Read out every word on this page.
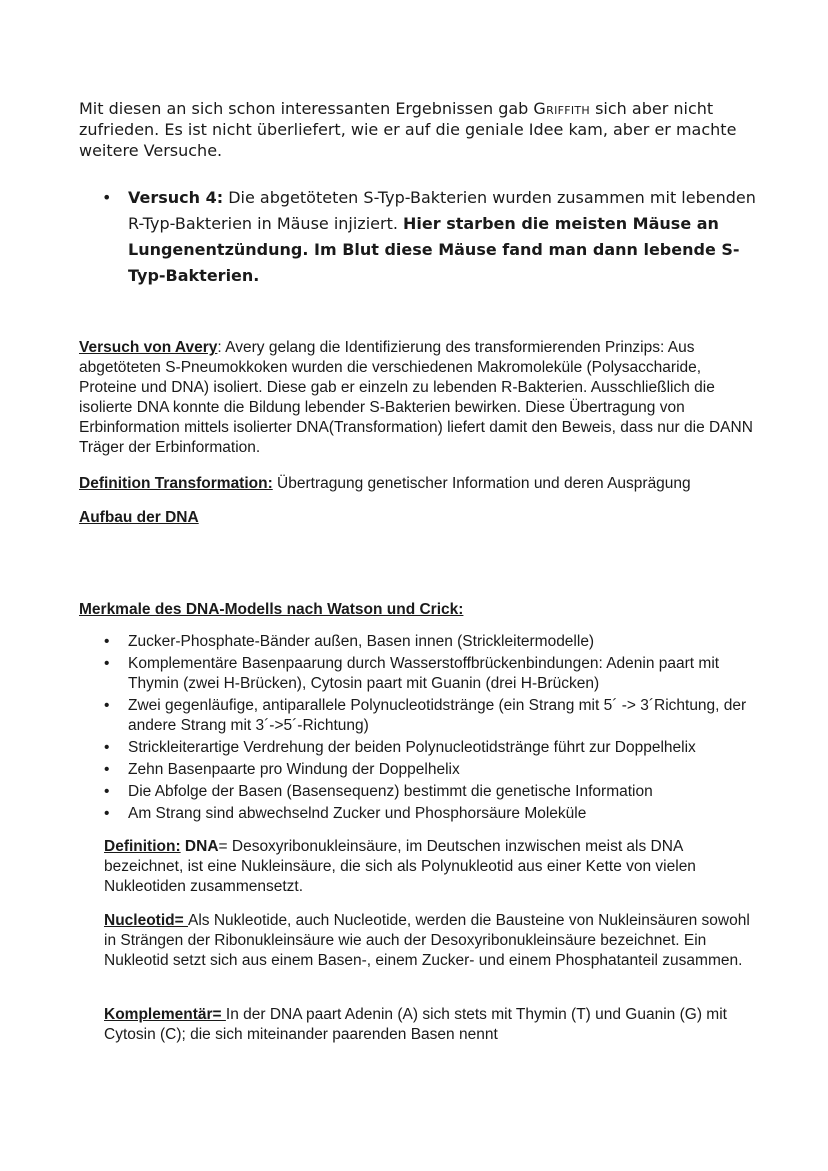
Mit diesen an sich schon interessanten Ergebnissen gab Griffith sich aber nicht zufrieden. Es ist nicht überliefert, wie er auf die geniale Idee kam, aber er machte weitere Versuche.
• Versuch 4: Die abgetöteten S-Typ-Bakterien wurden zusammen mit lebenden R-Typ-Bakterien in Mäuse injiziert. Hier starben die meisten Mäuse an Lungenentzündung. Im Blut diese Mäuse fand man dann lebende S-Typ-Bakterien.
Versuch von Avery: Avery gelang die Identifizierung des transformierenden Prinzips: Aus abgetöteten S-Pneumokkoken wurden die verschiedenen Makromoleküle (Polysaccharide, Proteine und DNA) isoliert. Diese gab er einzeln zu lebenden R-Bakterien. Ausschließlich die isolierte DNA konnte die Bildung lebender S-Bakterien bewirken. Diese Übertragung von Erbinformation mittels isolierter DNA(Transformation) liefert damit den Beweis, dass nur die DANN Träger der Erbinformation.
Definition Transformation: Übertragung genetischer Information und deren Ausprägung
Aufbau der DNA
Merkmale des DNA-Modells nach Watson und Crick:
• Zucker-Phosphate-Bänder außen, Basen innen (Strickleitermodelle)
• Komplementäre Basenpaarung durch Wasserstoffbrückenbindungen: Adenin paart mit Thymin (zwei H-Brücken), Cytosin paart mit Guanin (drei H-Brücken)
• Zwei gegenläufige, antiparallele Polynucleotidstränge (ein Strang mit 5´ -> 3´Richtung, der andere Strang mit 3´->5´-Richtung)
• Strickleiterartige Verdrehung der beiden Polynucleotidstränge führt zur Doppelhelix
• Zehn Basenpaarte pro Windung der Doppelhelix
• Die Abfolge der Basen (Basensequenz) bestimmt die genetische Information
• Am Strang sind abwechselnd Zucker und Phosphorsäure Moleküle
Definition: DNA= Desoxyribonukleinsäure, im Deutschen inzwischen meist als DNA bezeichnet, ist eine Nukleinsäure, die sich als Polynukleotid aus einer Kette von vielen Nukleotiden zusammensetzt.
Nucleotid= Als Nukleotide, auch Nucleotide, werden die Bausteine von Nukleinsäuren sowohl in Strängen der Ribonukleinsäure wie auch der Desoxyribonukleinsäure bezeichnet. Ein Nukleotid setzt sich aus einem Basen-, einem Zucker- und einem Phosphatanteil zusammen.
Komplementär= In der DNA paart Adenin (A) sich stets mit Thymin (T) und Guanin (G) mit Cytosin (C); die sich miteinander paarenden Basen nennt
